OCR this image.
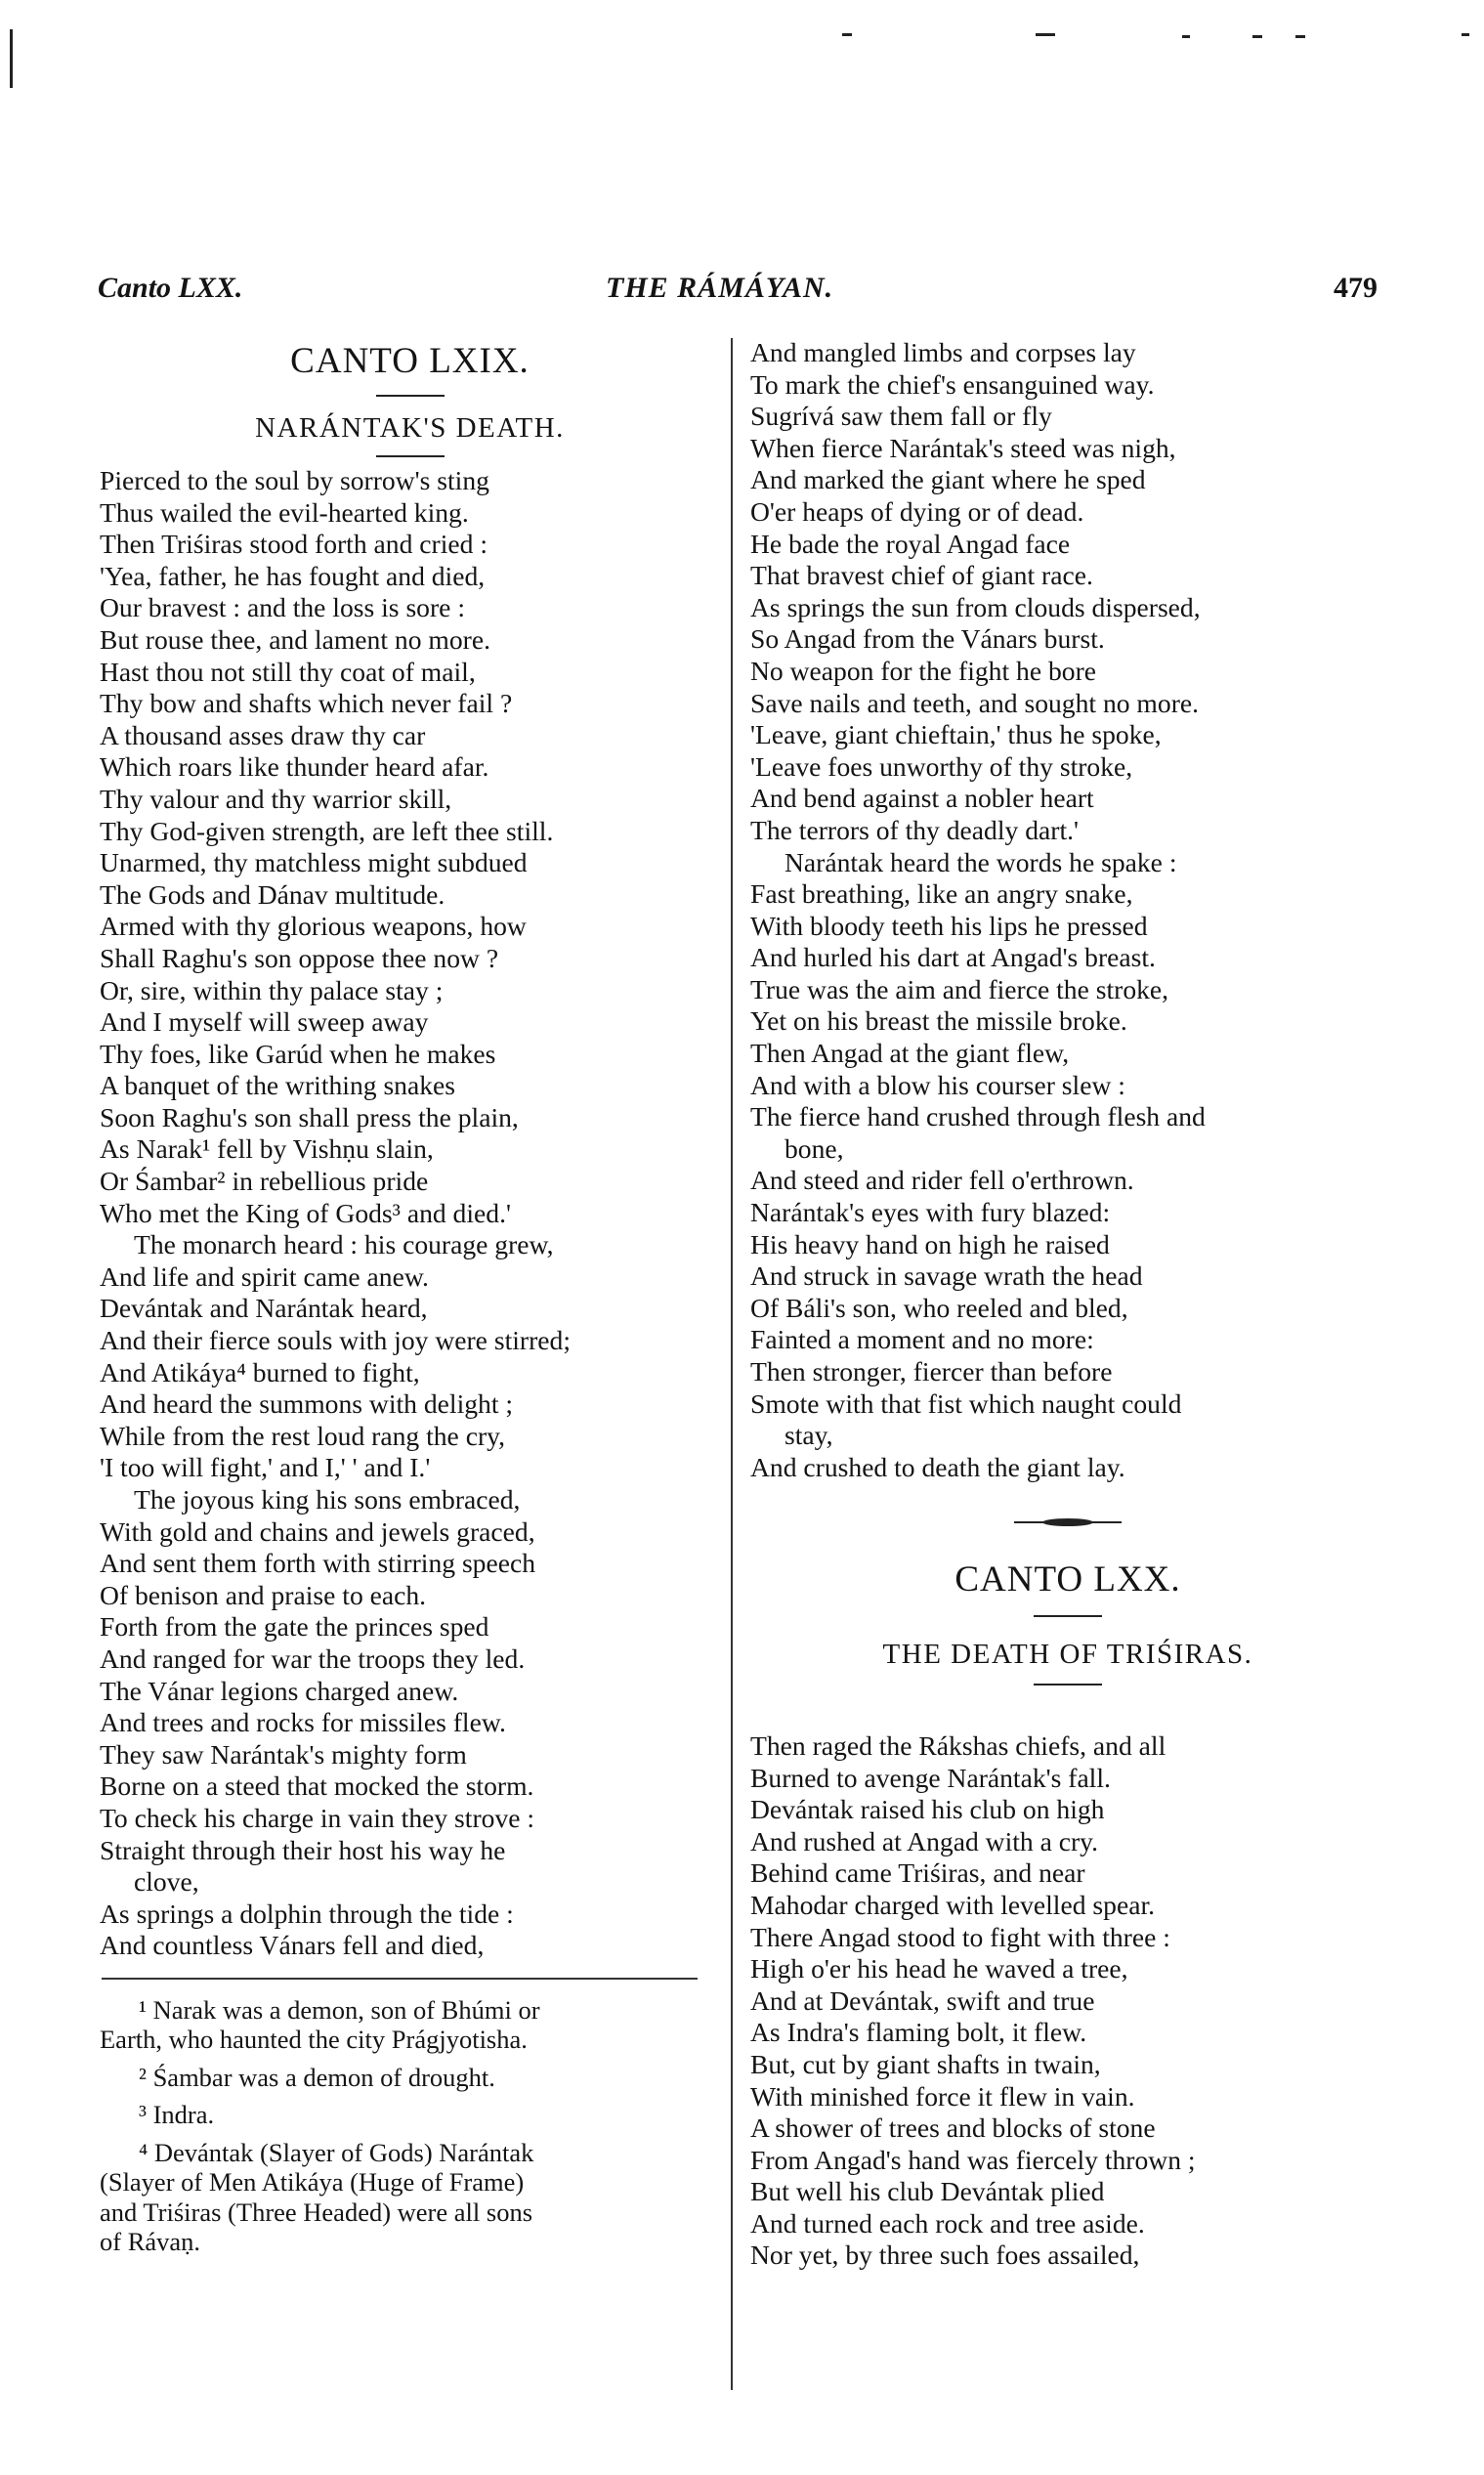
Canto LXX.	THE RÁMÁYAN.	479

CANTO LXIX.

NARÁNTAK'S DEATH.

Pierced to the soul by sorrow's sting
Thus wailed the evil-hearted king.
Then Triśiras stood forth and cried :
'Yea, father, he has fought and died,
Our bravest : and the loss is sore :
But rouse thee, and lament no more.
Hast thou not still thy coat of mail,
Thy bow and shafts which never fail ?
A thousand asses draw thy car
Which roars like thunder heard afar.
Thy valour and thy warrior skill,
Thy God-given strength, are left thee still.
Unarmed, thy matchless might subdued
The Gods and Dánav multitude.
Armed with thy glorious weapons, how
Shall Raghu's son oppose thee now ?
Or, sire, within thy palace stay ;
And I myself will sweep away
Thy foes, like Garúd when he makes
A banquet of the writhing snakes
Soon Raghu's son shall press the plain,
As Narak¹ fell by Vishṇu slain,
Or Śambar² in rebellious pride
Who met the King of Gods³ and died.'
The monarch heard : his courage grew,
And life and spirit came anew.
Devántak and Narántak heard,
And their fierce souls with joy were stirred;
And Atikáya⁴ burned to fight,
And heard the summons with delight ;
While from the rest loud rang the cry,
'I too will fight,' and I,' ' and I.'
The joyous king his sons embraced,
With gold and chains and jewels graced,
And sent them forth with stirring speech
Of benison and praise to each.
Forth from the gate the princes sped
And ranged for war the troops they led.
The Vánar legions charged anew.
And trees and rocks for missiles flew.
They saw Narántak's mighty form
Borne on a steed that mocked the storm.
To check his charge in vain they strove :
Straight through their host his way he
clove,
As springs a dolphin through the tide :
And countless Vánars fell and died,
¹ Narak was a demon, son of Bhúmi or
Earth, who haunted the city Prágjyotisha.
² Śambar was a demon of drought.
³ Indra.
⁴ Devántak (Slayer of Gods) Narántak
(Slayer of Men Atikáya (Huge of Frame)
and Triśiras (Three Headed) were all sons
of Rávaṇ.
And mangled limbs and corpses lay
To mark the chief's ensanguined way.
Sugrívá saw them fall or fly
When fierce Narántak's steed was nigh,
And marked the giant where he sped
O'er heaps of dying or of dead.
He bade the royal Angad face
That bravest chief of giant race.
As springs the sun from clouds dispersed,
So Angad from the Vánars burst.
No weapon for the fight he bore
Save nails and teeth, and sought no more.
'Leave, giant chieftain,' thus he spoke,
'Leave foes unworthy of thy stroke,
And bend against a nobler heart
The terrors of thy deadly dart.'
Narántak heard the words he spake :
Fast breathing, like an angry snake,
With bloody teeth his lips he pressed
And hurled his dart at Angad's breast.
True was the aim and fierce the stroke,
Yet on his breast the missile broke.
Then Angad at the giant flew,
And with a blow his courser slew :
The fierce hand crushed through flesh and
bone,
And steed and rider fell o'erthrown.
Narántak's eyes with fury blazed:
His heavy hand on high he raised
And struck in savage wrath the head
Of Báli's son, who reeled and bled,
Fainted a moment and no more:
Then stronger, fiercer than before
Smote with that fist which naught could
stay,
And crushed to death the giant lay.

CANTO LXX.

THE DEATH OF TRIŚIRAS.

Then raged the Rákshas chiefs, and all
Burned to avenge Narántak's fall.
Devántak raised his club on high
And rushed at Angad with a cry.
Behind came Triśiras, and near
Mahodar charged with levelled spear.
There Angad stood to fight with three :
High o'er his head he waved a tree,
And at Devántak, swift and true
As Indra's flaming bolt, it flew.
But, cut by giant shafts in twain,
With minished force it flew in vain.
A shower of trees and blocks of stone
From Angad's hand was fiercely thrown ;
But well his club Devántak plied
And turned each rock and tree aside.
Nor yet, by three such foes assailed,
